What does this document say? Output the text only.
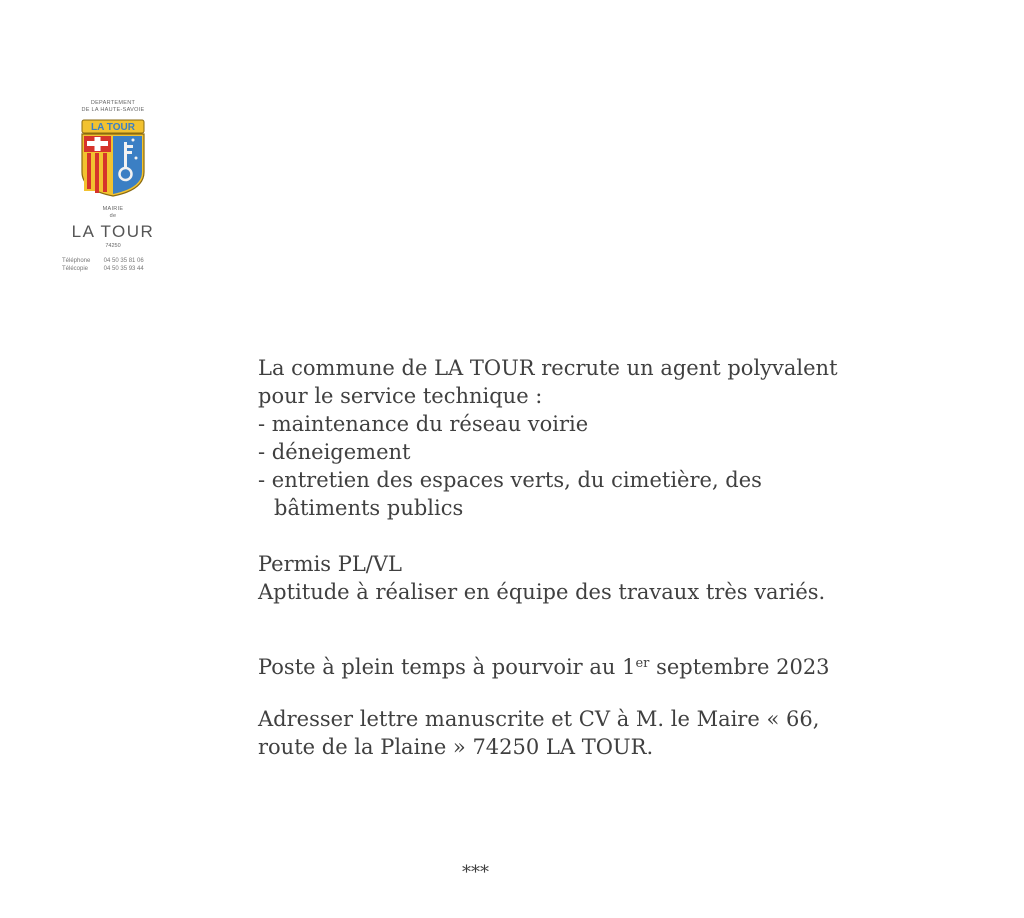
DEPARTEMENT
DE LA HAUTE-SAVOIE
LA TOUR
MAIRIE
de
LA TOUR
74250
Téléphone 04 50 35 81 06
Télécopie	04 50 35 93 44

La commune de LA TOUR recrute un agent polyvalent

pour le service technique :

- maintenance du réseau voirie

- déneigement

- entretien des espaces verts, du cimetière, des

bâtiments publics

Permis PL/VL

Aptitude à réaliser en équipe des travaux très variés.

Poste à plein temps à pourvoir au 1er septembre 2023

Adresser lettre manuscrite et CV à M. le Maire « 66,

route de la Plaine » 74250 LA TOUR.

***
